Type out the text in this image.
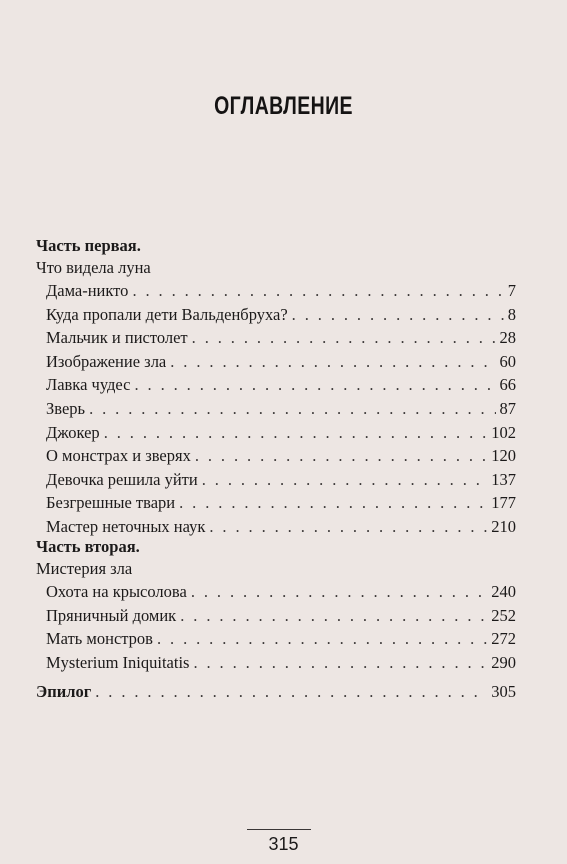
ОГЛАВЛЕНИЕ
Часть первая.
Что видела луна
Дама-никто . . .	7
Куда пропали дети Вальденбруха? . . .	8
Мальчик и пистолет . . .	28
Изображение зла . . .	60
Лавка чудес . . .	66
Зверь . . .	87
Джокер . . .	102
О монстрах и зверях . . .	120
Девочка решила уйти . . .	137
Безгрешные твари . . .	177
Мастер неточных наук . . .	210
Часть вторая.
Мистерия зла
Охота на крысолова . . .	240
Пряничный домик . . .	252
Мать монстров . . .	272
Mysterium Iniquitatis . . .	290
Эпилог . . .	305
315
